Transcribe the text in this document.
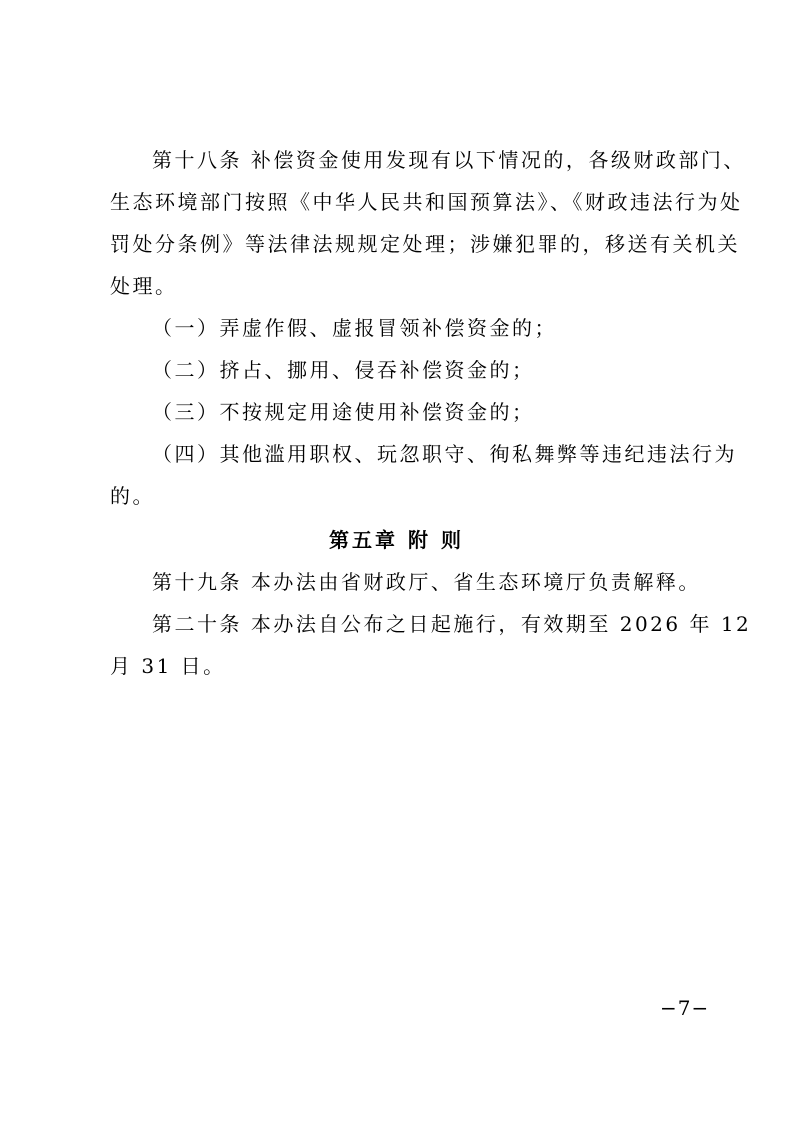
第十八条 补偿资金使用发现有以下情况的，各级财政部门、
生态环境部门按照《中华人民共和国预算法》、《财政违法行为处
罚处分条例》等法律法规规定处理；涉嫌犯罪的，移送有关机关
处理。
（一）弄虚作假、虚报冒领补偿资金的；
（二）挤占、挪用、侵吞补偿资金的；
（三）不按规定用途使用补偿资金的；
（四）其他滥用职权、玩忽职守、徇私舞弊等违纪违法行为
的。
第五章 附 则
第十九条 本办法由省财政厅、省生态环境厅负责解释。
第二十条 本办法自公布之日起施行，有效期至 2026 年 12
月 31 日。
−7−
